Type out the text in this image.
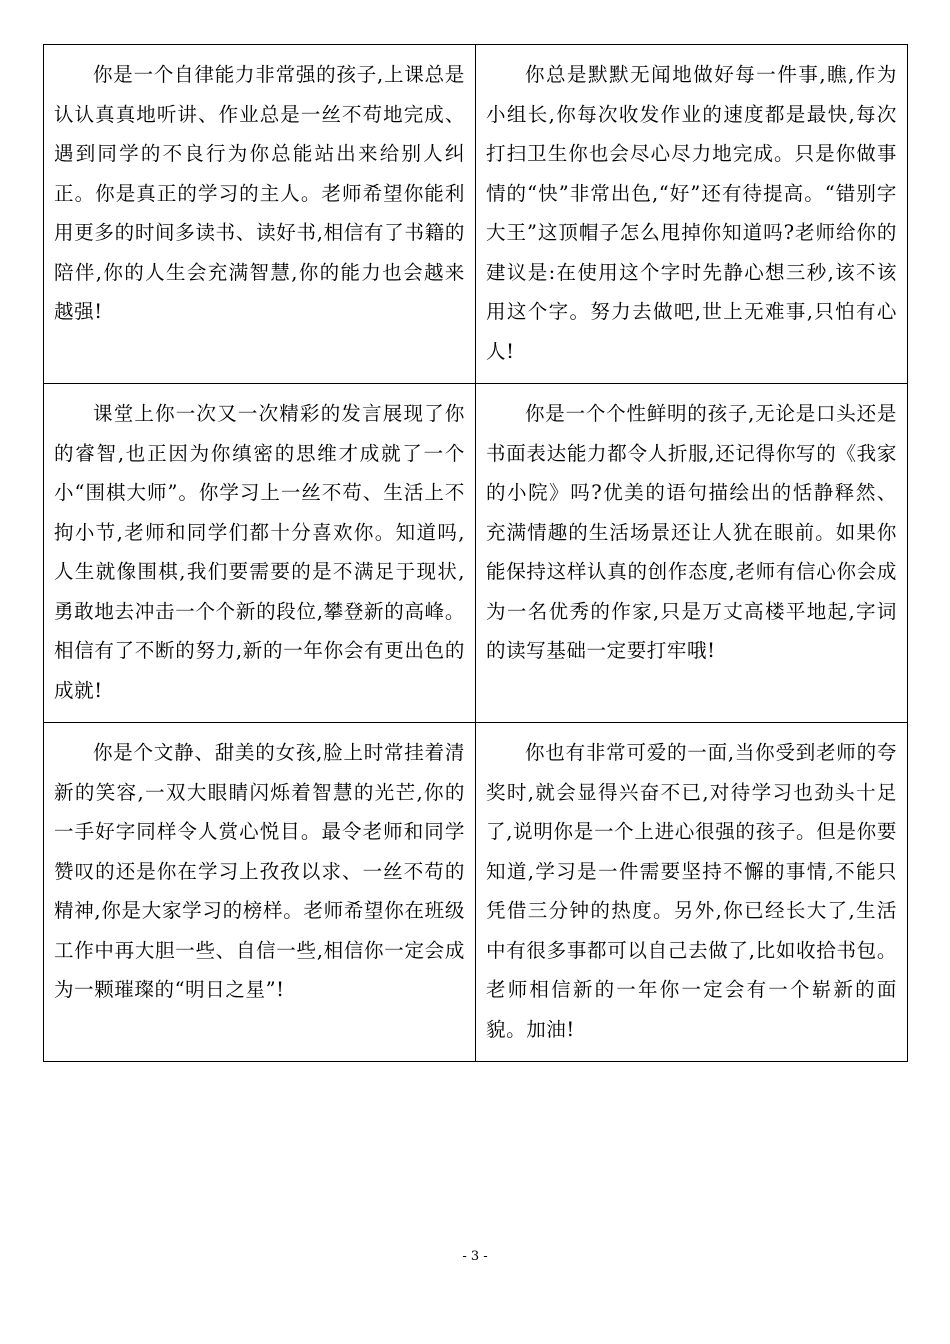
你是一个自律能力非常强的孩子,上课总是认认真真地听讲、作业总是一丝不苟地完成、遇到同学的不良行为你总能站出来给别人纠正。你是真正的学习的主人。老师希望你能利用更多的时间多读书、读好书,相信有了书籍的陪伴,你的人生会充满智慧,你的能力也会越来越强!	你总是默默无闻地做好每一件事,瞧,作为小组长,你每次收发作业的速度都是最快,每次打扫卫生你也会尽心尽力地完成。只是你做事情的“快”非常出色,“好”还有待提高。“错别字大王”这顶帽子怎么甩掉你知道吗?老师给你的建议是:在使用这个字时先静心想三秒,该不该用这个字。努力去做吧,世上无难事,只怕有心人!

课堂上你一次又一次精彩的发言展现了你的睿智,也正因为你缜密的思维才成就了一个小“围棋大师”。你学习上一丝不苟、生活上不拘小节,老师和同学们都十分喜欢你。知道吗,人生就像围棋,我们要需要的是不满足于现状,勇敢地去冲击一个个新的段位,攀登新的高峰。相信有了不断的努力,新的一年你会有更出色的成就!	你是一个个性鲜明的孩子,无论是口头还是书面表达能力都令人折服,还记得你写的《我家的小院》吗?优美的语句描绘出的恬静释然、充满情趣的生活场景还让人犹在眼前。如果你能保持这样认真的创作态度,老师有信心你会成为一名优秀的作家,只是万丈高楼平地起,字词的读写基础一定要打牢哦!

你是个文静、甜美的女孩,脸上时常挂着清新的笑容,一双大眼睛闪烁着智慧的光芒,你的一手好字同样令人赏心悦目。最令老师和同学赞叹的还是你在学习上孜孜以求、一丝不苟的精神,你是大家学习的榜样。老师希望你在班级工作中再大胆一些、自信一些,相信你一定会成为一颗璀璨的“明日之星”!	你也有非常可爱的一面,当你受到老师的夸奖时,就会显得兴奋不已,对待学习也劲头十足了,说明你是一个上进心很强的孩子。但是你要知道,学习是一件需要坚持不懈的事情,不能只凭借三分钟的热度。另外,你已经长大了,生活中有很多事都可以自己去做了,比如收拾书包。老师相信新的一年你一定会有一个崭新的面貌。加油!

- 3 -
